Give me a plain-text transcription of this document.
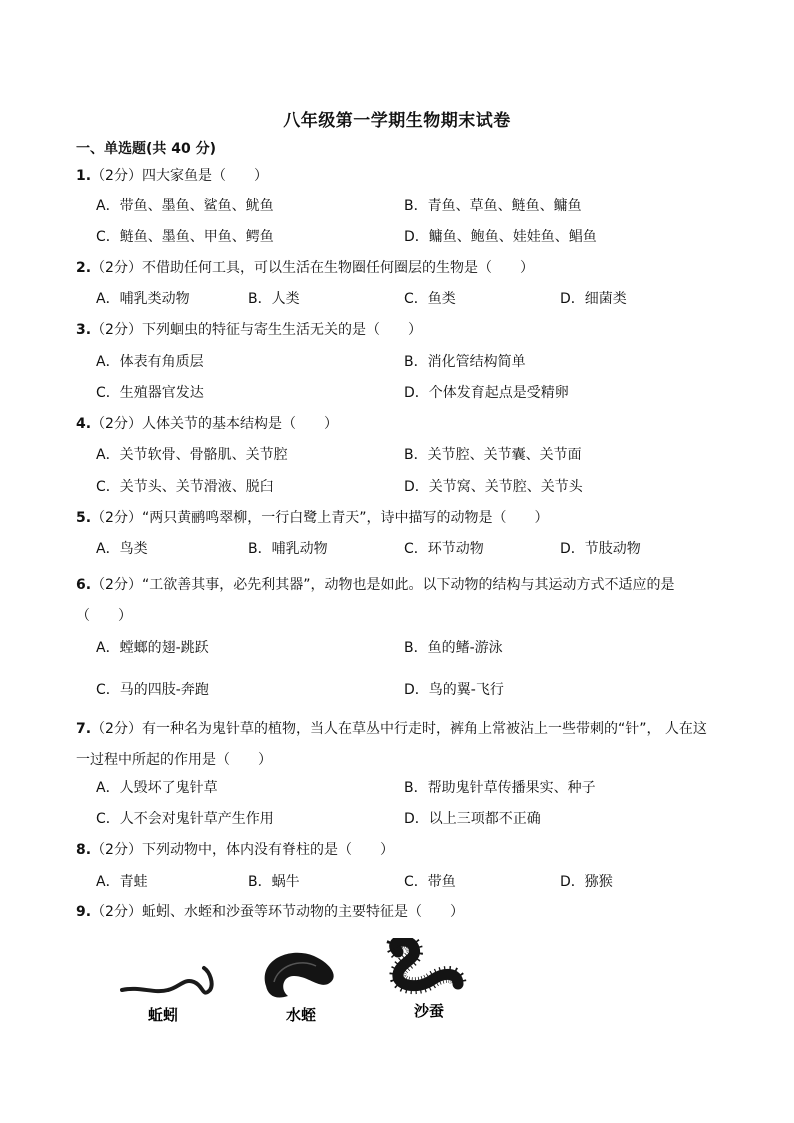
八年级第一学期生物期末试卷
一、单选题(共 40 分)
1.（2分）四大家鱼是（　　）
A．带鱼、墨鱼、鲨鱼、鱿鱼	B．青鱼、草鱼、鲢鱼、鳙鱼
C．鲢鱼、墨鱼、甲鱼、鳄鱼	D．鳙鱼、鲍鱼、娃娃鱼、鲳鱼
2.（2分）不借助任何工具，可以生活在生物圈任何圈层的生物是（　　）
A．哺乳类动物	B．人类	C．鱼类	D．细菌类
3.（2分）下列蛔虫的特征与寄生生活无关的是（　　）
A．体表有角质层	B．消化管结构简单
C．生殖器官发达	D．个体发育起点是受精卵
4.（2分）人体关节的基本结构是（　　）
A．关节软骨、骨骼肌、关节腔	B．关节腔、关节囊、关节面
C．关节头、关节滑液、脱臼	D．关节窝、关节腔、关节头
5.（2分）“两只黄鹂鸣翠柳，一行白鹭上青天”，诗中描写的动物是（　　）
A．鸟类	B．哺乳动物	C．环节动物	D．节肢动物
6.（2分）“工欲善其事，必先利其器”，动物也是如此。以下动物的结构与其运动方式不适应的是（　　）
A．螳螂的翅-跳跃	B．鱼的鳍-游泳
C．马的四肢-奔跑	D．鸟的翼-飞行
7.（2分）有一种名为鬼针草的植物，当人在草丛中行走时，裤角上常被沾上一些带刺的“针”， 人在这一过程中所起的作用是（　　）
A．人毁坏了鬼针草	B．帮助鬼针草传播果实、种子
C．人不会对鬼针草产生作用	D．以上三项都不正确
8.（2分）下列动物中，体内没有脊柱的是（　　）
A．青蛙	B．蜗牛	C．带鱼	D．猕猴
9.（2分）蚯蚓、水蛭和沙蚕等环节动物的主要特征是（　　）
蚯蚓	水蛭	沙蚕
